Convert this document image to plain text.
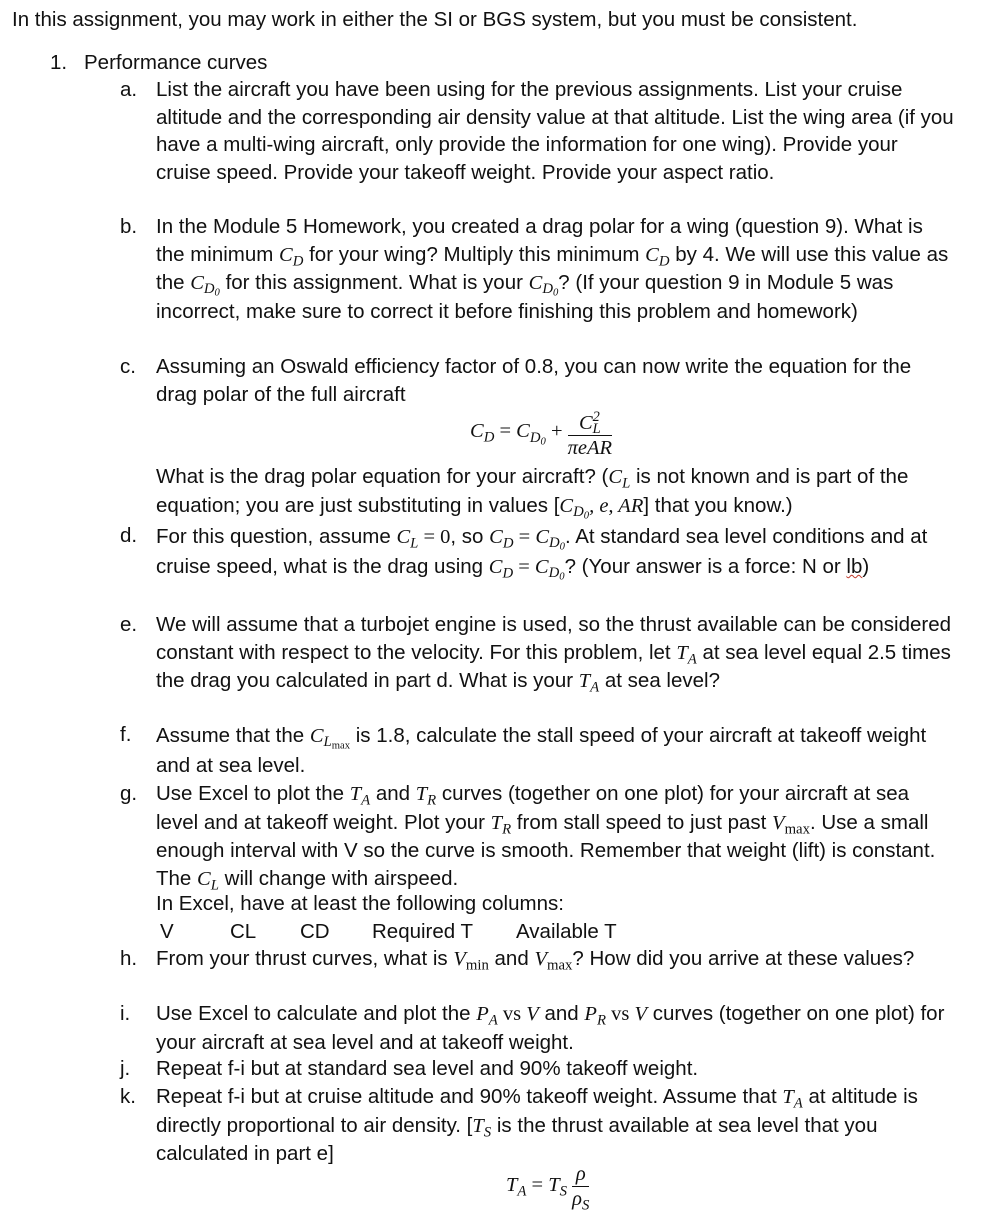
In this assignment, you may work in either the SI or BGS system, but you must be consistent.
1. Performance curves
a. List the aircraft you have been using for the previous assignments. List your cruise altitude and the corresponding air density value at that altitude. List the wing area (if you have a multi-wing aircraft, only provide the information for one wing). Provide your cruise speed. Provide your takeoff weight. Provide your aspect ratio.
b. In the Module 5 Homework, you created a drag polar for a wing (question 9). What is the minimum $C_D$ for your wing? Multiply this minimum $C_D$ by 4. We will use this value as the $C_{D_0}$ for this assignment. What is your $C_{D_0}$? (If your question 9 in Module 5 was incorrect, make sure to correct it before finishing this problem and homework)
c. Assuming an Oswald efficiency factor of 0.8, you can now write the equation for the drag polar of the full aircraft
$C_D = C_{D_0} + \frac{C^2_L}{\text{πeAR}}$
What is the drag polar equation for your aircraft? ($C_L$ is not known and is part of the equation; you are just substituting in values [$C_{D_0}$, e, AR] that you know.)
d. For this question, assume $C_L = 0$, so $C_D = C_{D_0}$. At standard sea level conditions and at cruise speed, what is the drag using $C_D = C_{D_0}$? (Your answer is a force: N or lb)
e. We will assume that a turbojet engine is used, so the thrust available can be considered constant with respect to the velocity. For this problem, let $T_A$ at sea level equal 2.5 times the drag you calculated in part d. What is your $T_A$ at sea level?
f. Assume that the $C_{L_{max}}$ is 1.8, calculate the stall speed of your aircraft at takeoff weight and at sea level.
g. Use Excel to plot the $T_A$ and $T_R$ curves (together on one plot) for your aircraft at sea level and at takeoff weight. Plot your $T_R$ from stall speed to just past $V_{max}$. Use a small enough interval with V so the curve is smooth. Remember that weight (lift) is constant. The $C_L$ will change with airspeed.
In Excel, have at least the following columns:
V	CL CD Required T Available T
h. From your thrust curves, what is $V_{min}$ and $V_{max}$? How did you arrive at these values?
i. Use Excel to calculate and plot the $P_A$ vs V and $P_R$ vs V curves (together on one plot) for your aircraft at sea level and at takeoff weight.
j. Repeat f-i but at standard sea level and 90% takeoff weight.
k. Repeat f-i but at cruise altitude and 90% takeoff weight. Assume that $T_A$ at altitude is directly proportional to air density. [$T_S$ is the thrust available at sea level that you calculated in part e]
$T_A = T_S \frac{\rho}{\rho_S}$
